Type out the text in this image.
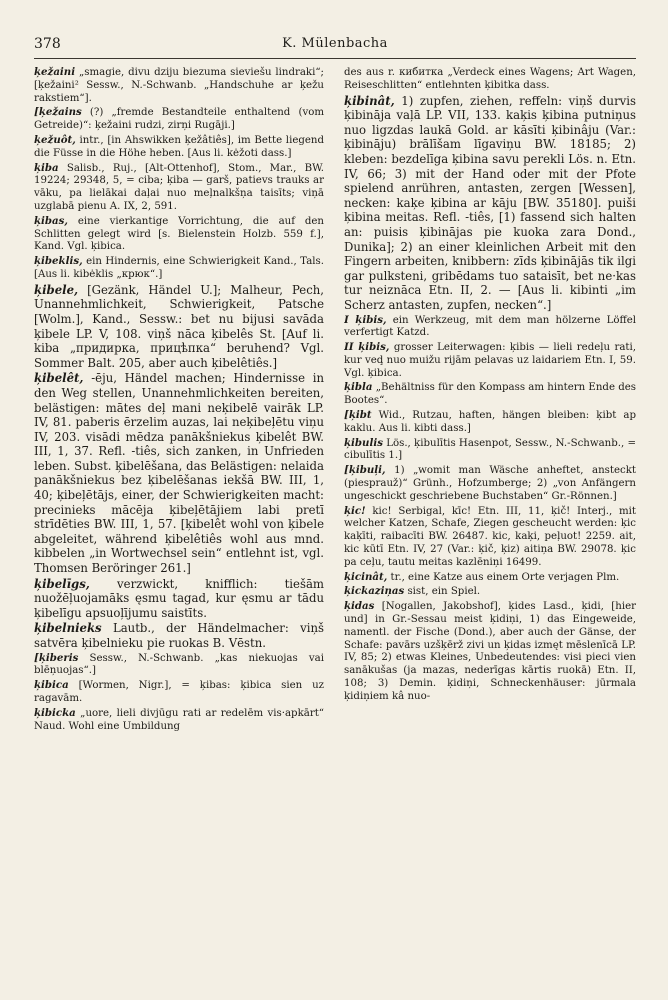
378	K. Mülenbacha

ķežaini „smagie, divu dziju biezuma sieviešu lindraki“; [ķežaini² Sessw., N.-Schwanb. „Handschuhe ar ķežu rakstiem“].

[ķežains (?) „fremde Bestandteile enthaltend (vom Getreide)“: ķežaini rudzi, zirņi Rugāji.]

ķežuôt, intr., [in Ahswikken ķežâtiês], im Bette liegend die Füsse in die Höhe heben. [Aus li. kėžoti dass.]

ķiba Salisb., Ruj., [Alt-Ottenhof], Stom., Mar., BW. 19224; 29348, 5, = ciba; ķiba — garš, patievs trauks ar vāku, pa lielākai daļai nuo meļnalkšņa taisīts; viņā uzglabā pienu A. IX, 2, 591.

ķibas, eine vierkantige Vorrichtung, die auf den Schlitten gelegt wird [s. Bielenstein Holzb. 559 f.], Kand. Vgl. ķibica.

ķibeklis, ein Hindernis, eine Schwierigkeit Kand., Tals. [Aus li. kibėklis „крюк“.]

ķibele, [Gezänk, Händel U.]; Malheur, Pech, Unannehmlichkeit, Schwierigkeit, Patsche [Wolm.], Kand., Sessw.: bet nu bijusi savāda ķibele LP. V, 108. viņš nāca ķibelês St. [Auf li. kiba „придирка, прицѣпка“ beruhend? Vgl. Sommer Balt. 205, aber auch ķibelêtiês.]

ķibelêt, -ēju, Händel machen; Hindernisse in den Weg stellen, Unannehmlichkeiten bereiten, belästigen: mātes deļ mani neķibelē vairāk LP. IV, 81. paberis ērzelim auzas, lai neķibeļētu viņu IV, 203. visādi mēdza panākšniekus ķibelêt BW. III, 1, 37. Refl. -tiês, sich zanken, in Unfrieden leben. Subst. ķibelēšana, das Belästigen: nelaida panākšniekus bez ķibelēšanas iekšā BW. III, 1, 40; ķibeļētājs, einer, der Schwierigkeiten macht: precinieks mācēja ķibeļētājiem labi pretī strīdēties BW. III, 1, 57. [ķibelêt wohl von ķibele abgeleitet, während ķibelêtiês wohl aus mnd. kibbelen „in Wortwechsel sein“ entlehnt ist, vgl. Thomsen Beröringer 261.]

ķibelīgs, verzwickt, knifflich: tiešām nuožēļuojamāks ęsmu tagad, kur ęsmu ar tādu ķibelīgu apsuoļījumu saistīts.

ķibelnieks Lautb., der Händelmacher: viņš satvēra ķibelnieku pie ruokas B. Vēstn.

[ķiberis Sessw., N.-Schwanb. „kas niekuojas vai blēņuojas“.]

ķibica [Wormen, Nigr.], = ķibas: ķibica sien uz ragavām.

ķibicka „uore, lieli divjūgu rati ar redelēm vis·apkārt“ Naud. Wohl eine Umbildung

des aus r. кибитка „Verdeck eines Wagens; Art Wagen, Reiseschlitten“ entlehnten ķibitka dass.

ķibinât, 1) zupfen, ziehen, reffeln: viņš durvis ķibināja vaļā LP. VII, 133. kaķis ķibina putniņus nuo ligzdas laukā Gold. ar kāsīti ķibinâju (Var.: ķibināju) brālīšam līgaviņu BW. 18185; 2) kleben: bezdelīga ķibina savu perekli Lös. n. Etn. IV, 66; 3) mit der Hand oder mit der Pfote spielend anrühren, antasten, zergen [Wessen], necken: kaķe ķibina ar kāju [BW. 35180]. puiši ķibina meitas. Refl. -tiês, [1) fassend sich halten an: puisis ķibinājas pie kuoka zara Dond., Dunika]; 2) an einer kleinlichen Arbeit mit den Fingern arbeiten, knibbern: zīds ķibinājās tik ilgi gar pulksteni, gribēdams tuo sataisīt, bet ne·kas tur neiznāca Etn. II, 2. — [Aus li. kibinti „im Scherz antasten, zupfen, necken“.]

I ķibis, ein Werkzeug, mit dem man hölzerne Löffel verfertigt Katzd.

II ķibis, grosser Leiterwagen: ķibis — lieli redeļu rati, kur veḑ nuo muižu rijām pelavas uz laidariem Etn. I, 59. Vgl. ķibica.

ķibla „Behältniss für den Kompass am hintern Ende des Bootes“.

[ķibt Wid., Rutzau, haften, hängen bleiben: ķibt ap kaklu. Aus li. kibti dass.]

ķibulis Lös., ķibulītis Hasenpot, Sessw., N.-Schwanb., = cibulītis 1.]

[ķibuļi, 1) „womit man Wäsche anheftet, ansteckt (piesprauž)“ Grünh., Hofzumberge; 2) „von Anfängern ungeschickt geschriebene Buchstaben“ Gr.-Rönnen.]

ķic! kic! Serbigal, kīc! Etn. III, 11, ķič! Interj., mit welcher Katzen, Schafe, Ziegen gescheucht werden: ķic kaķīti, raibacīti BW. 26487. kic, kaķi, peļuot! 2259. ait, kic kūtī Etn. IV, 27 (Var.: ķič, ķiz) aitiņa BW. 29078. ķic pa ceļu, tautu meitas kazlēniņi 16499.

ķicinât, tr., eine Katze aus einem Orte verjagen Plm.

ķickaziņas sist, ein Spiel.

ķidas [Nogallen, Jakobshof], ķides Lasd., ķidi, [hier und] in Gr.-Sessau meist ķidiņi, 1) das Eingeweide, namentl. der Fische (Dond.), aber auch der Gänse, der Schafe: pavārs uzšķērž zivi un ķidas izmęt mēslenīcā LP. IV, 85; 2) etwas Kleines, Unbedeutendes: visi pieci vien sanākušas (ja mazas, nederīgas kārtis ruokā) Etn. II, 108; 3) Demin. ķidiņi, Schneckenhäuser: jūrmala ķidiņiem kâ nuo-
